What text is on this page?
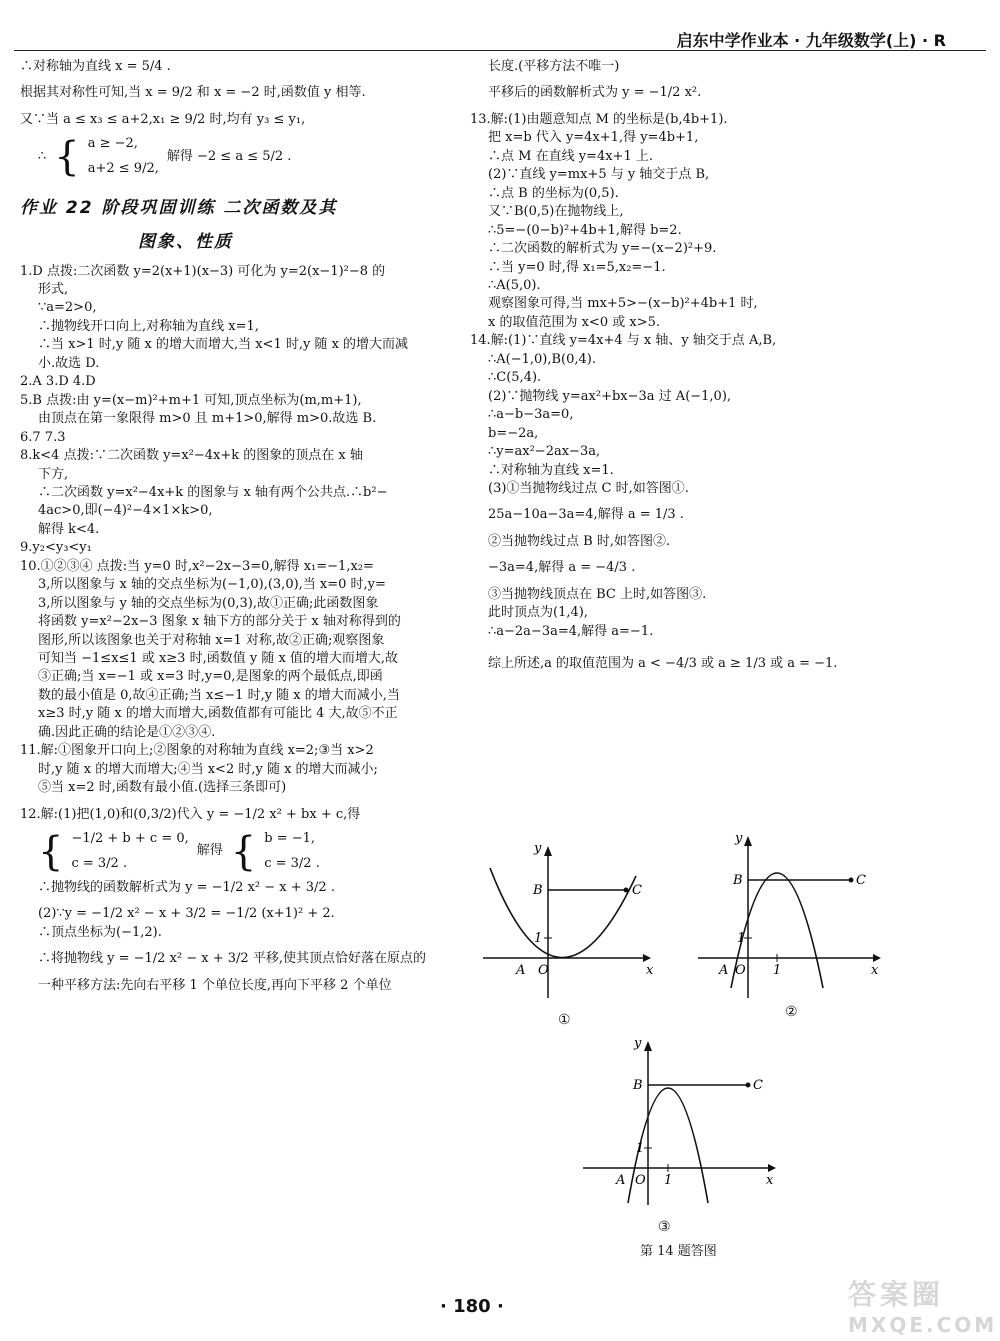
启东中学作业本 · 九年级数学(上) · R

∴对称轴为直线 x = 5/4 .

根据其对称性可知,当 x = 9/2 和 x = −2 时,函数值 y 相等.

又∵当 a ≤ x₃ ≤ a+2,x₁ ≥ 9/2 时,均有 y₃ ≤ y₁,

∴ { a ≥ −2,
a+2 ≤ 9/2,
解得 −2 ≤ a ≤ 5/2 .
作业 22 阶段巩固训练 二次函数及其
图象、性质

1.D 点拨:二次函数 y=2(x+1)(x−3) 可化为 y=2(x−1)²−8 的

形式,

∵a=2>0,

∴抛物线开口向上,对称轴为直线 x=1,

∴当 x>1 时,y 随 x 的增大而增大,当 x<1 时,y 随 x 的增大而减

小.故选 D.

2.A 3.D 4.D

5.B 点拨:由 y=(x−m)²+m+1 可知,顶点坐标为(m,m+1),

由顶点在第一象限得 m>0 且 m+1>0,解得 m>0.故选 B.

6.7 7.3

8.k<4 点拨:∵二次函数 y=x²−4x+k 的图象的顶点在 x 轴

下方,

∴二次函数 y=x²−4x+k 的图象与 x 轴有两个公共点.∴b²−

4ac>0,即(−4)²−4×1×k>0,

解得 k<4.

9.y₂<y₃<y₁

10.①②③④ 点拨:当 y=0 时,x²−2x−3=0,解得 x₁=−1,x₂=

3,所以图象与 x 轴的交点坐标为(−1,0),(3,0),当 x=0 时,y=

3,所以图象与 y 轴的交点坐标为(0,3),故①正确;此函数图象

将函数 y=x²−2x−3 图象 x 轴下方的部分关于 x 轴对称得到的

图形,所以该图象也关于对称轴 x=1 对称,故②正确;观察图象

可知当 −1≤x≤1 或 x≥3 时,函数值 y 随 x 值的增大而增大,故

③正确;当 x=−1 或 x=3 时,y=0,是图象的两个最低点,即函

数的最小值是 0,故④正确;当 x≤−1 时,y 随 x 的增大而减小,当

x≥3 时,y 随 x 的增大而增大,函数值都有可能比 4 大,故⑤不正

确.因此正确的结论是①②③④.

11.解:①图象开口向上;②图象的对称轴为直线 x=2;③当 x>2

时,y 随 x 的增大而增大;④当 x<2 时,y 随 x 的增大而减小;

⑤当 x=2 时,函数有最小值.(选择三条即可)

12.解:(1)把(1,0)和(0,3/2)代入 y = −1/2 x² + bx + c,得

{ −1/2 + b + c = 0,
c = 3/2 .
解得 { b = −1,
c = 3/2 .

∴抛物线的函数解析式为 y = −1/2 x² − x + 3/2 .

(2)∵y = −1/2 x² − x + 3/2 = −1/2 (x+1)² + 2.

∴顶点坐标为(−1,2).

∴将抛物线 y = −1/2 x² − x + 3/2 平移,使其顶点恰好落在原点的

一种平移方法:先向右平移 1 个单位长度,再向下平移 2 个单位

长度.(平移方法不唯一)

平移后的函数解析式为 y = −1/2 x².

13.解:(1)由题意知点 M 的坐标是(b,4b+1).

把 x=b 代入 y=4x+1,得 y=4b+1,

∴点 M 在直线 y=4x+1 上.

(2)∵直线 y=mx+5 与 y 轴交于点 B,

∴点 B 的坐标为(0,5).

又∵B(0,5)在抛物线上,

∴5=−(0−b)²+4b+1,解得 b=2.

∴二次函数的解析式为 y=−(x−2)²+9.

∴当 y=0 时,得 x₁=5,x₂=−1.

∴A(5,0).

观察图象可得,当 mx+5>−(x−b)²+4b+1 时,

x 的取值范围为 x<0 或 x>5.

14.解:(1)∵直线 y=4x+4 与 x 轴、y 轴交于点 A,B,

∴A(−1,0),B(0,4).

∴C(5,4).

(2)∵抛物线 y=ax²+bx−3a 过 A(−1,0),

∴a−b−3a=0,

b=−2a,

∴y=ax²−2ax−3a,

∴对称轴为直线 x=1.

(3)①当抛物线过点 C 时,如答图①.

25a−10a−3a=4,解得 a = 1/3 .

②当抛物线过点 B 时,如答图②.

−3a=4,解得 a = −4/3 .

③当抛物线顶点在 BC 上时,如答图③.

此时顶点为(1,4),

∴a−2a−3a=4,解得 a=−1.

综上所述,a 的取值范围为 a < −4/3 或 a ≥ 1/3 或 a = −1.

y
x
B	C
1
A O
①
y
x
B	C
1
1
A O
②
y
x
B	C
1
1
A O
③
第 14 题答图
· 180 ·	答案圈
MXQE.COM
